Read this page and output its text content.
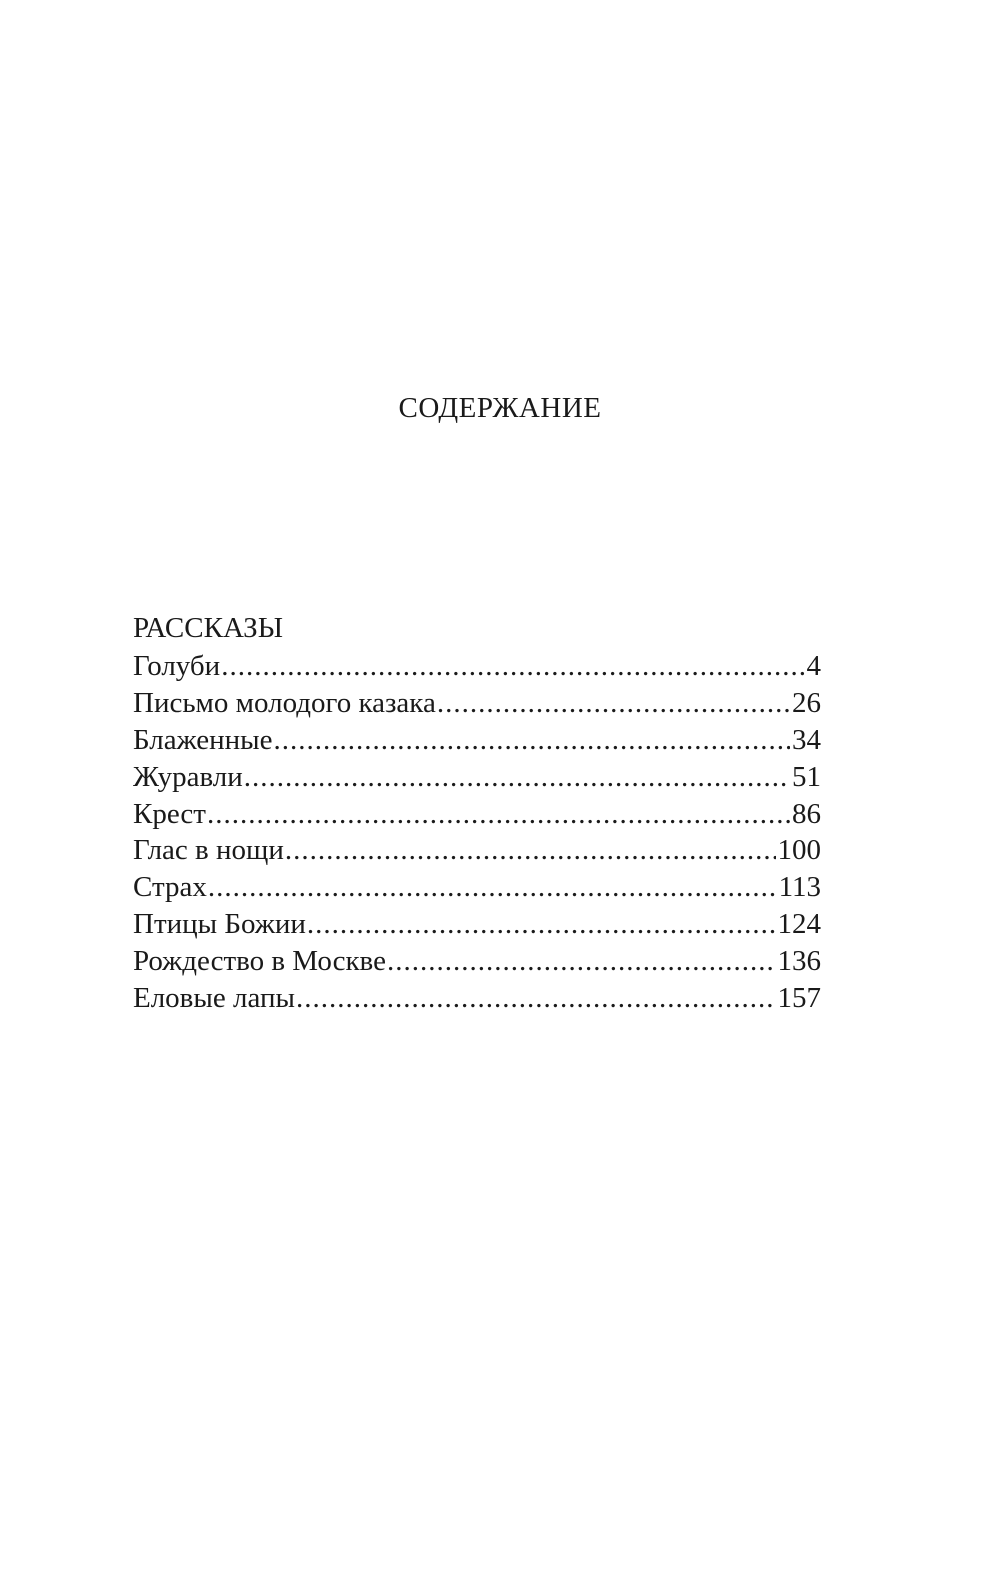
СОДЕРЖАНИЕ
РАССКАЗЫ
Голуби .....	4
Письмо молодого казака .....	26
Блаженные .....	34
Журавли .....	51
Крест .....	86
Глас в нощи .....	100
Страх .....	113
Птицы Божии .....	124
Рождество в Москве .....	136
Еловые лапы .....	157
